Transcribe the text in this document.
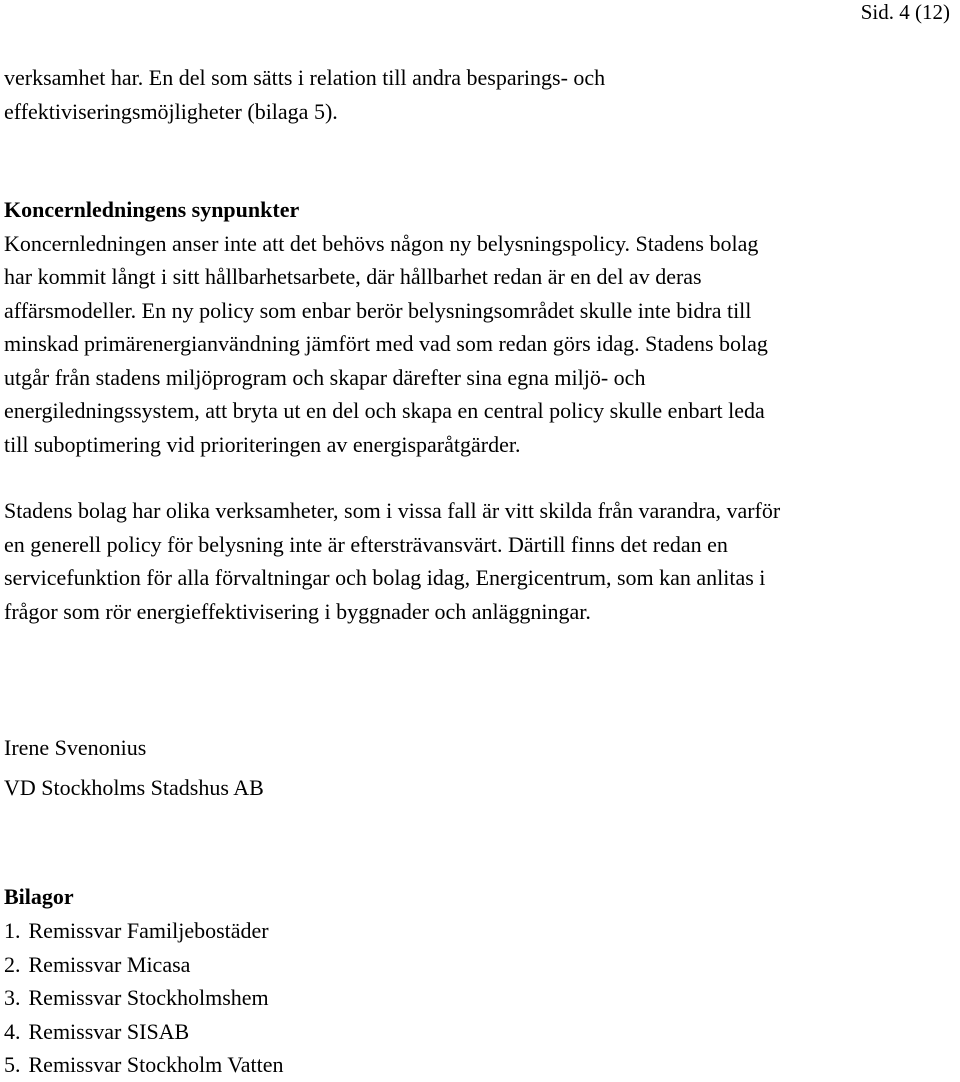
Sid. 4 (12)

verksamhet har. En del som sätts i relation till andra besparings- och

effektiviseringsmöjligheter (bilaga 5).

Koncernledningens synpunkter

Koncernledningen anser inte att det behövs någon ny belysningspolicy. Stadens bolag

har kommit långt i sitt hållbarhetsarbete, där hållbarhet redan är en del av deras

affärsmodeller. En ny policy som enbar berör belysningsområdet skulle inte bidra till

minskad primärenergianvändning jämfört med vad som redan görs idag. Stadens bolag

utgår från stadens miljöprogram och skapar därefter sina egna miljö- och

energiledningssystem, att bryta ut en del och skapa en central policy skulle enbart leda

till suboptimering vid prioriteringen av energisparåtgärder.

Stadens bolag har olika verksamheter, som i vissa fall är vitt skilda från varandra, varför

en generell policy för belysning inte är eftersträvansvärt. Därtill finns det redan en

servicefunktion för alla förvaltningar och bolag idag, Energicentrum, som kan anlitas i

frågor som rör energieffektivisering i byggnader och anläggningar.

Irene Svenonius

VD Stockholms Stadshus AB

Bilagor

1. Remissvar Familjebostäder
2. Remissvar Micasa
3. Remissvar Stockholmshem
4. Remissvar SISAB
5. Remissvar Stockholm Vatten
